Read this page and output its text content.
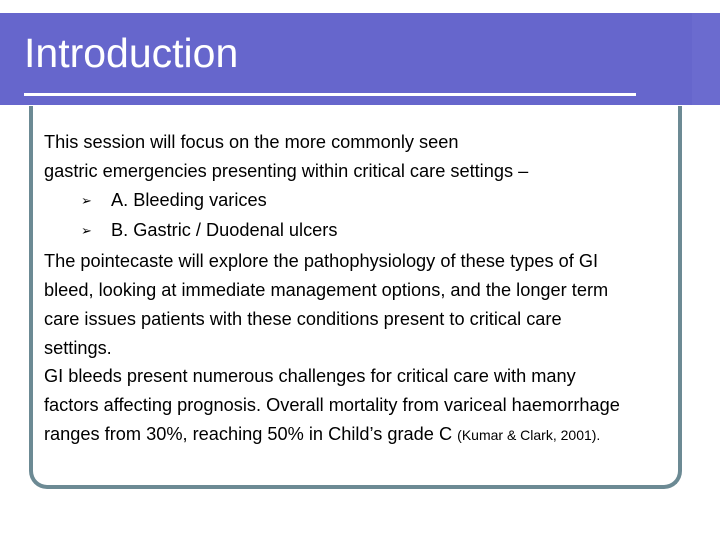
Introduction
This session will focus on the more commonly seen
gastric emergencies presenting within critical care settings –
➢ A. Bleeding varices
➢ B. Gastric / Duodenal ulcers
The pointecaste will explore the pathophysiology of these types of GI
bleed, looking at immediate management options, and the longer term
care issues patients with these conditions present to critical care
settings.
GI bleeds present numerous challenges for critical care with many
factors affecting prognosis. Overall mortality from variceal haemorrhage
ranges from 30%, reaching 50% in Child’s grade C (Kumar & Clark, 2001).
